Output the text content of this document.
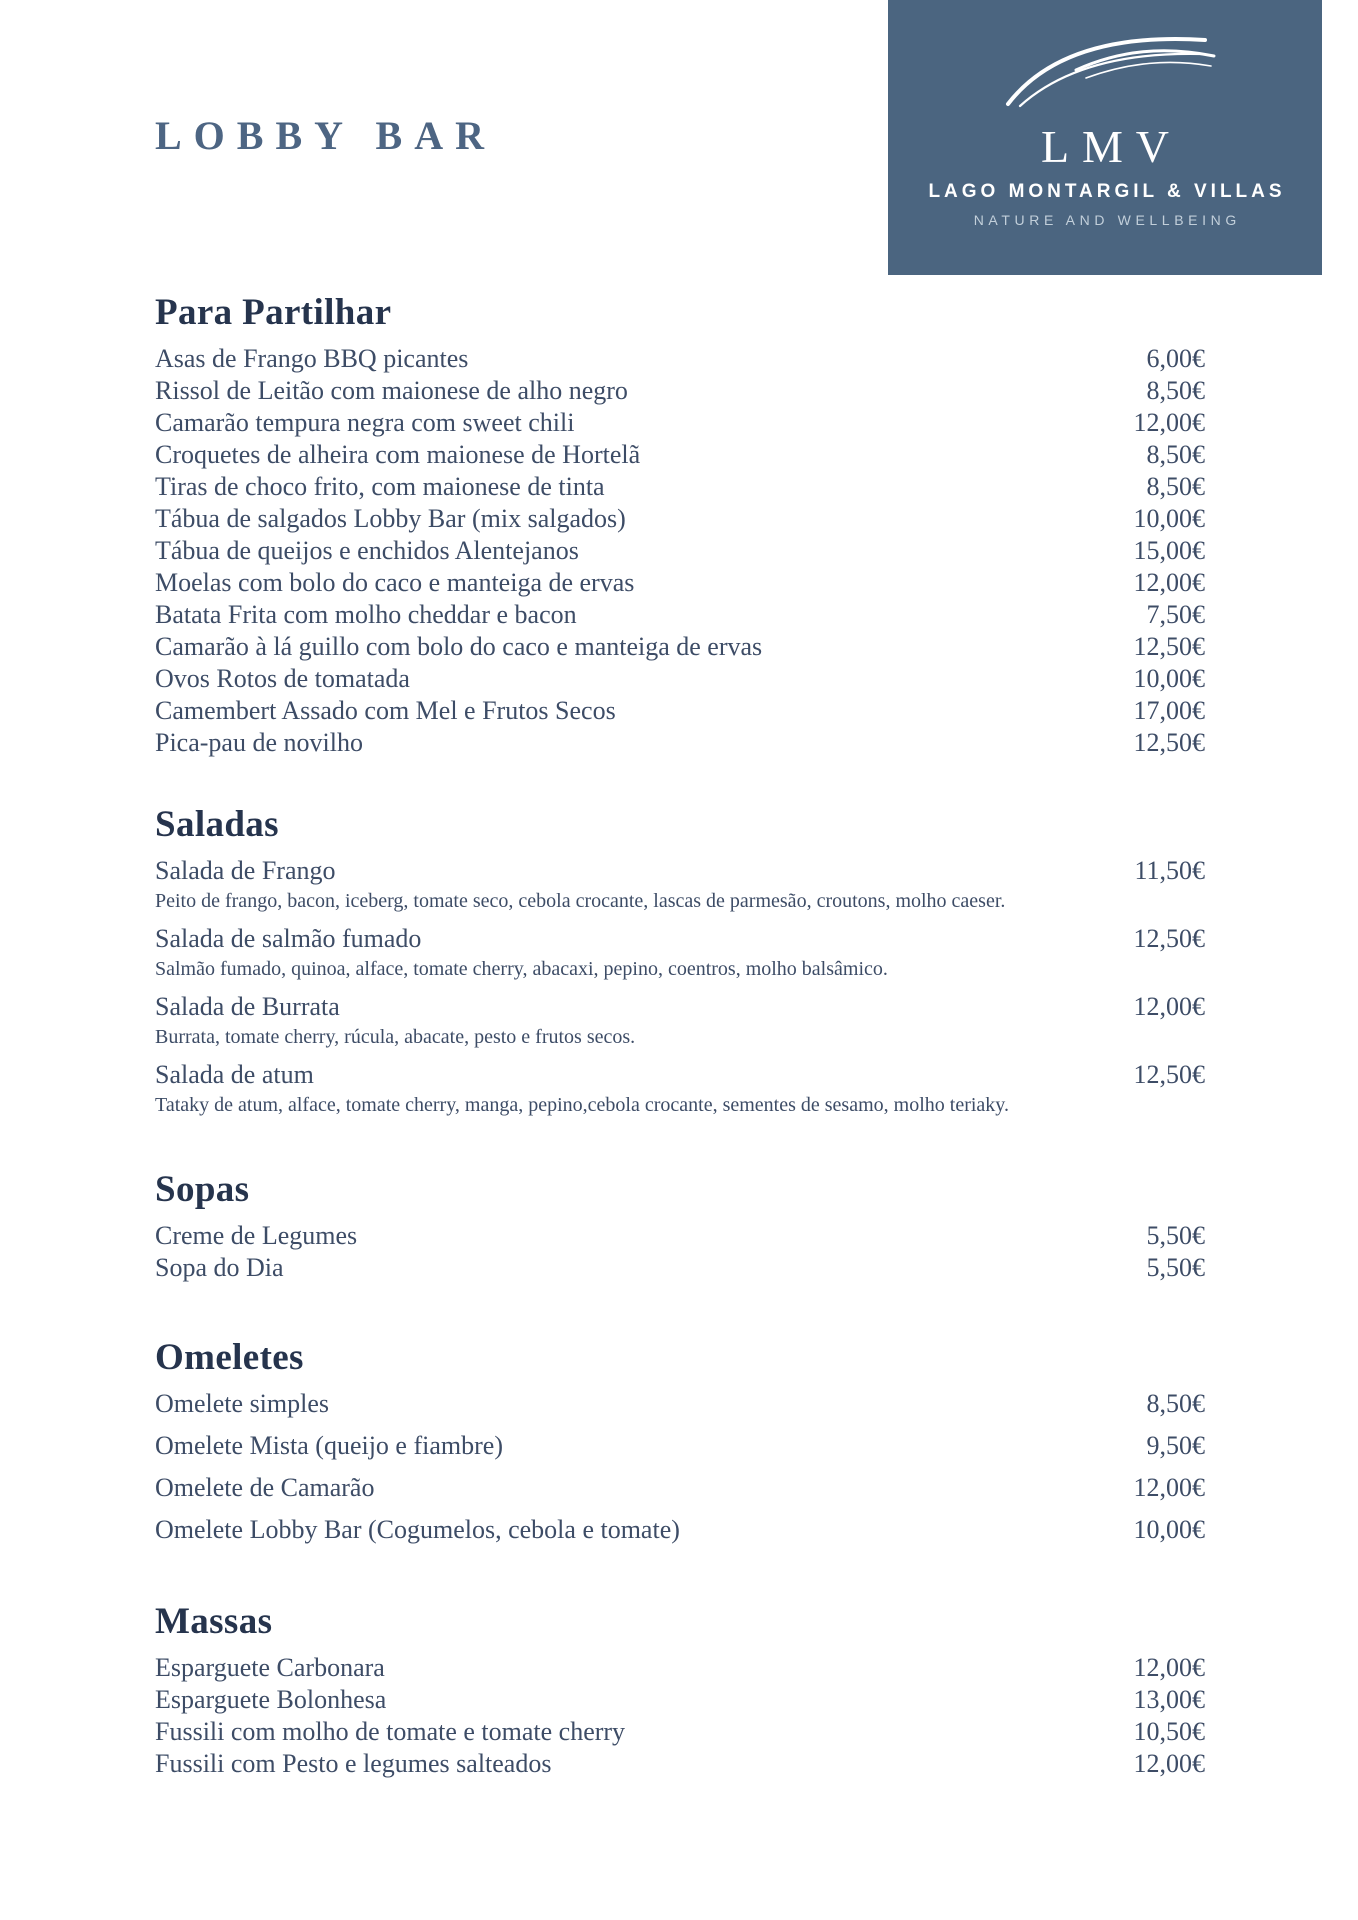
LOBBY BAR	LMV
LAGO MONTARGIL & VILLAS
NATURE AND WELLBEING
Para Partilhar
Asas de Frango BBQ picantes	6,00€
Rissol de Leitão com maionese de alho negro	8,50€
Camarão tempura negra com sweet chili	12,00€
Croquetes de alheira com maionese de Hortelã	8,50€
Tiras de choco frito, com maionese de tinta	8,50€
Tábua de salgados Lobby Bar (mix salgados)	10,00€
Tábua de queijos e enchidos Alentejanos	15,00€
Moelas com bolo do caco e manteiga de ervas	12,00€
Batata Frita com molho cheddar e bacon	7,50€
Camarão à lá guillo com bolo do caco e manteiga de ervas	12,50€
Ovos Rotos de tomatada	10,00€
Camembert Assado com Mel e Frutos Secos	17,00€
Pica-pau de novilho	12,50€
Saladas
Salada de Frango	11,50€
Peito de frango, bacon, iceberg, tomate seco, cebola crocante, lascas de parmesão, croutons, molho caeser.
Salada de salmão fumado	12,50€
Salmão fumado, quinoa, alface, tomate cherry, abacaxi, pepino, coentros, molho balsâmico.
Salada de Burrata	12,00€
Burrata, tomate cherry, rúcula, abacate, pesto e frutos secos.
Salada de atum	12,50€
Tataky de atum, alface, tomate cherry, manga, pepino,cebola crocante, sementes de sesamo, molho teriaky.
Sopas
Creme de Legumes	5,50€
Sopa do Dia	5,50€
Omeletes
Omelete simples	8,50€
Omelete Mista (queijo e fiambre)	9,50€
Omelete de Camarão	12,00€
Omelete Lobby Bar (Cogumelos, cebola e tomate)	10,00€
Massas
Esparguete Carbonara	12,00€
Esparguete Bolonhesa	13,00€
Fussili com molho de tomate e tomate cherry	10,50€
Fussili com Pesto e legumes salteados	12,00€
